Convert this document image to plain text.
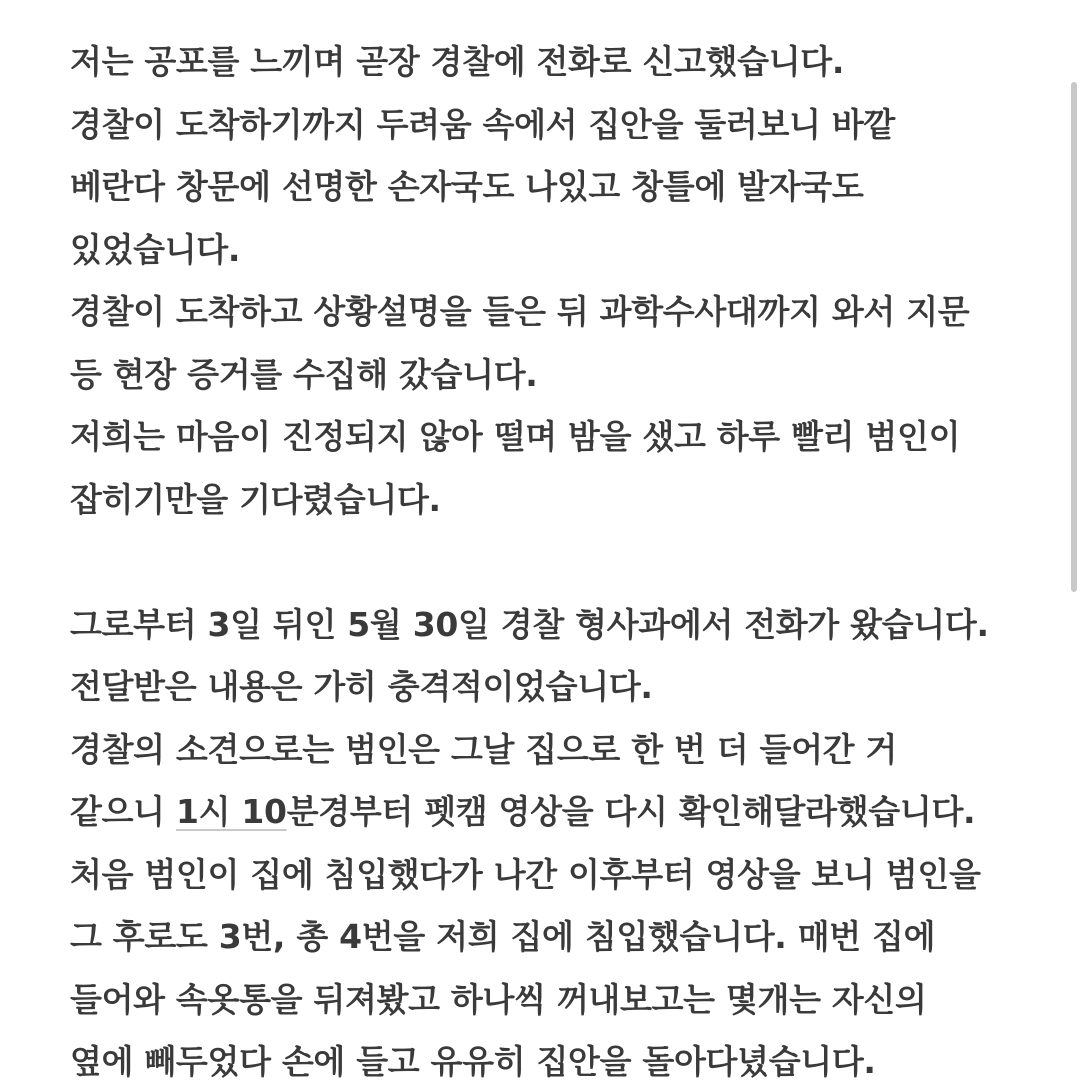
저는 공포를 느끼며 곧장 경찰에 전화로 신고했습니다.
경찰이 도착하기까지 두려움 속에서 집안을 둘러보니 바깥
베란다 창문에 선명한 손자국도 나있고 창틀에 발자국도
있었습니다.
경찰이 도착하고 상황설명을 들은 뒤 과학수사대까지 와서 지문
등 현장 증거를 수집해 갔습니다.
저희는 마음이 진정되지 않아 떨며 밤을 샜고 하루 빨리 범인이
잡히기만을 기다렸습니다.
그로부터 3일 뒤인 5월 30일 경찰 형사과에서 전화가 왔습니다.
전달받은 내용은 가히 충격적이었습니다.
경찰의 소견으로는 범인은 그날 집으로 한 번 더 들어간 거
같으니 1시 10분경부터 펫캠 영상을 다시 확인해달라했습니다.
처음 범인이 집에 침입했다가 나간 이후부터 영상을 보니 범인을
그 후로도 3번, 총 4번을 저희 집에 침입했습니다. 매번 집에
들어와 속옷통을 뒤져봤고 하나씩 꺼내보고는 몇개는 자신의
옆에 빼두었다 손에 들고 유유히 집안을 돌아다녔습니다.
